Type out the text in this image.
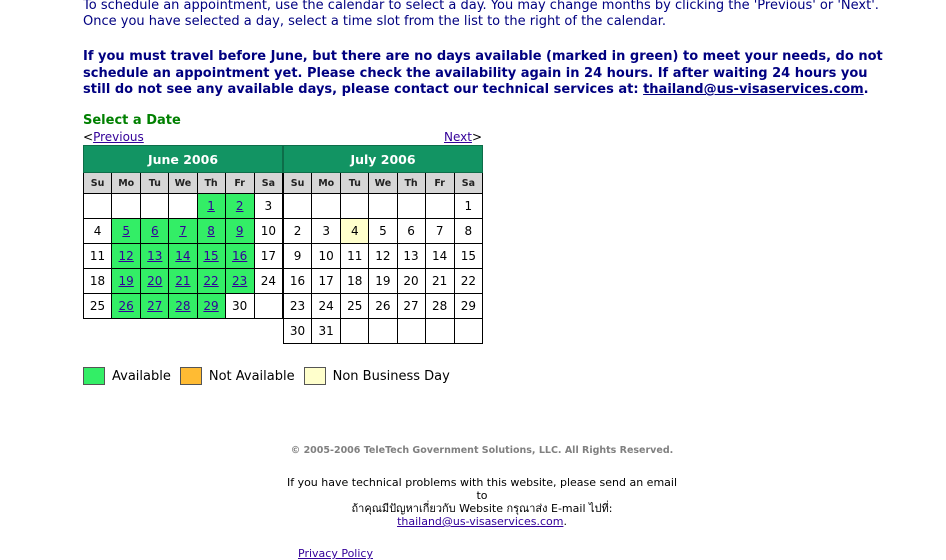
To schedule an appointment, use the calendar to select a day. You may change months by clicking the 'Previous' or 'Next'. Once you have selected a day, select a time slot from the list to the right of the calendar.

If you must travel before June, but there are no days available (marked in green) to meet your needs, do not schedule an appointment yet. Please check the availability again in 24 hours. If after waiting 24 hours you still do not see any available days, please contact our technical services at: thailand@us-visaservices.com.

Select a Date
<Previous	Next>
June 2006						
Su	Mo	Tu	We	Th	Fr	Sa
				1	2	3
4	5	6	7	8	9	10
11	12	13	14	15	16	17
18	19	20	21	22	23	24
25	26	27	28	29	30	
July 2006						
Su	Mo	Tu	We	Th	Fr	Sa
						1
2	3	4	5	6	7	8
9	10	11	12	13	14	15
16	17	18	19	20	21	22
23	24	25	26	27	28	29
30	31					
Available	Not Available	Non Business Day
© 2005-2006 TeleTech Government Solutions, LLC. All Rights Reserved.
If you have technical problems with this website, please send an email to
ถ้าคุณมีปัญหาเกี่ยวกับ Website กรุณาส่ง E-mail ไปที่:
thailand@us-visaservices.com.
Privacy Policy
